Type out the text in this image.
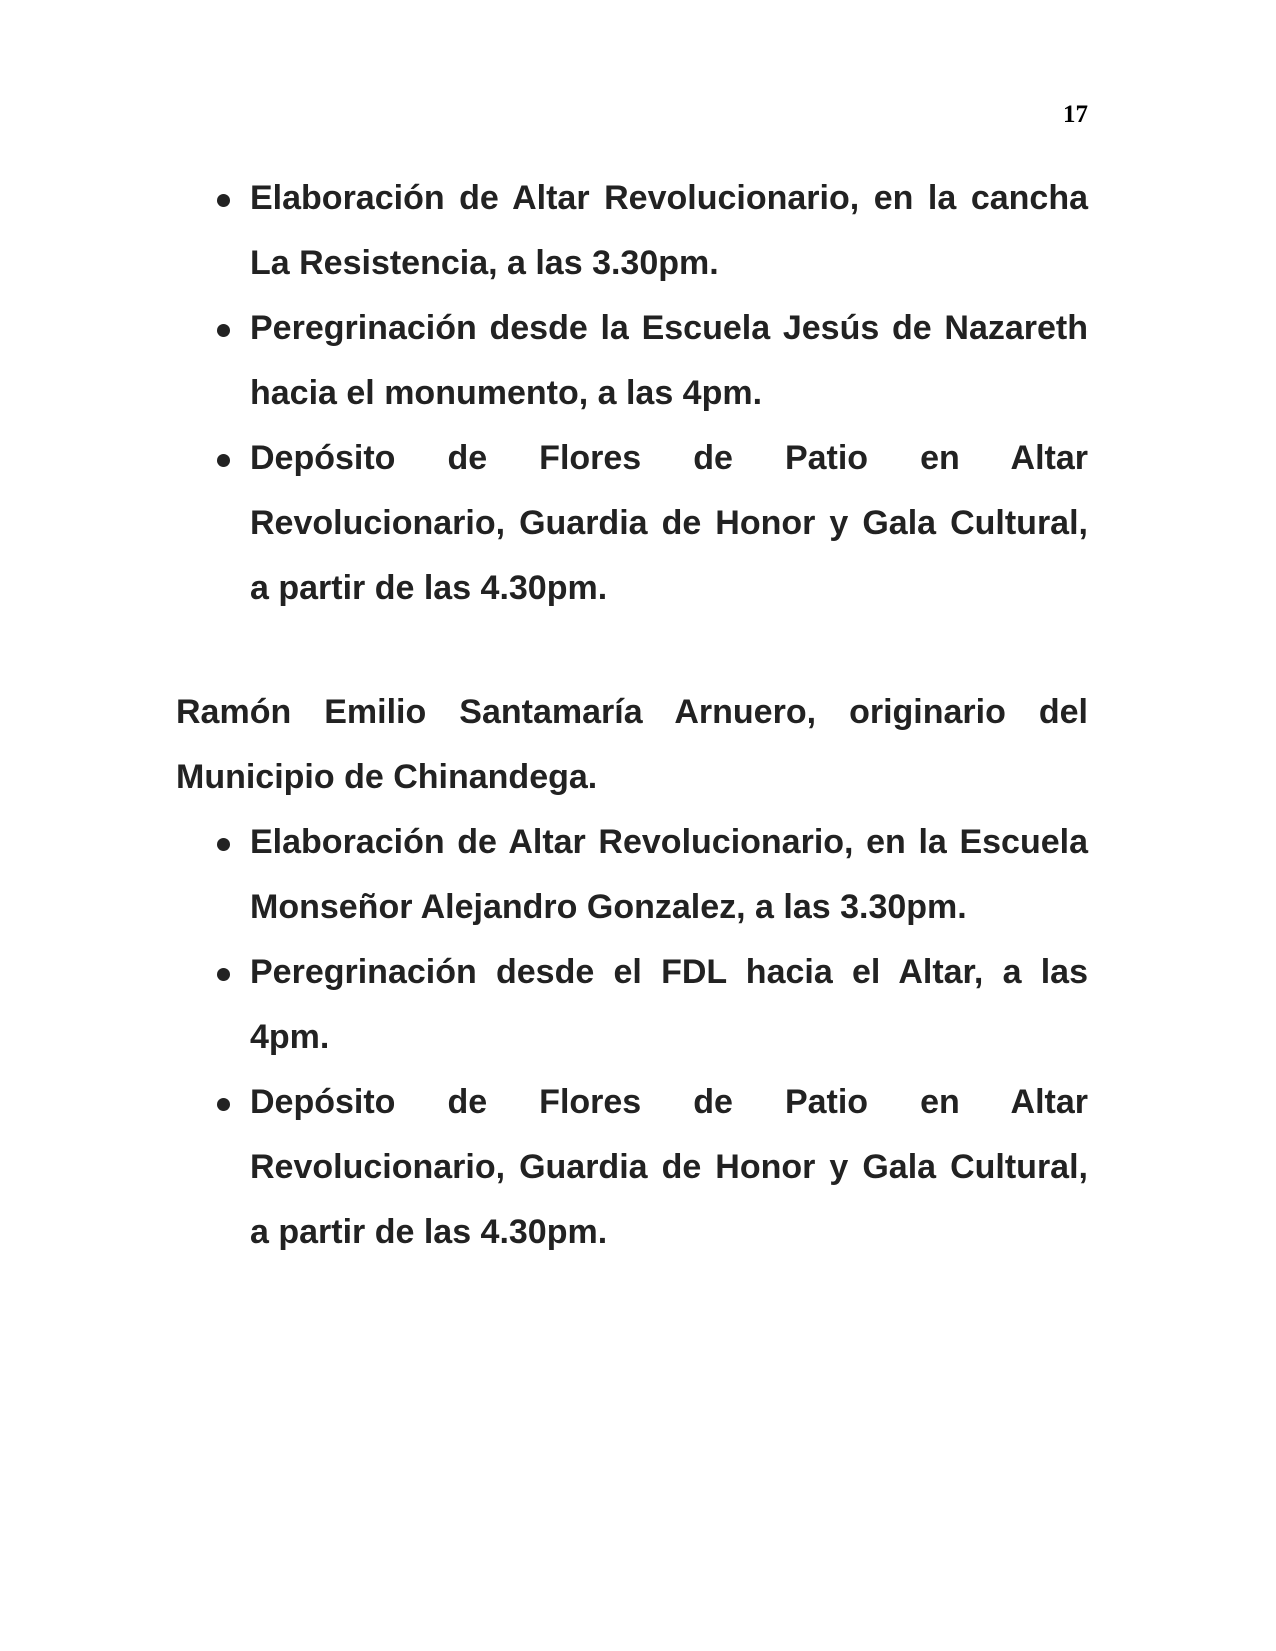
17
Elaboración de Altar Revolucionario, en la cancha La Resistencia, a las 3.30pm.
Peregrinación desde la Escuela Jesús de Nazareth hacia el monumento, a las 4pm.
Depósito de Flores de Patio en Altar Revolucionario, Guardia de Honor y Gala Cultural, a partir de las 4.30pm.

Ramón Emilio Santamaría Arnuero, originario del Municipio de Chinandega.

Elaboración de Altar Revolucionario, en la Escuela Monseñor Alejandro Gonzalez, a las 3.30pm.
Peregrinación desde el FDL hacia el Altar, a las 4pm.
Depósito de Flores de Patio en Altar Revolucionario, Guardia de Honor y Gala Cultural, a partir de las 4.30pm.
